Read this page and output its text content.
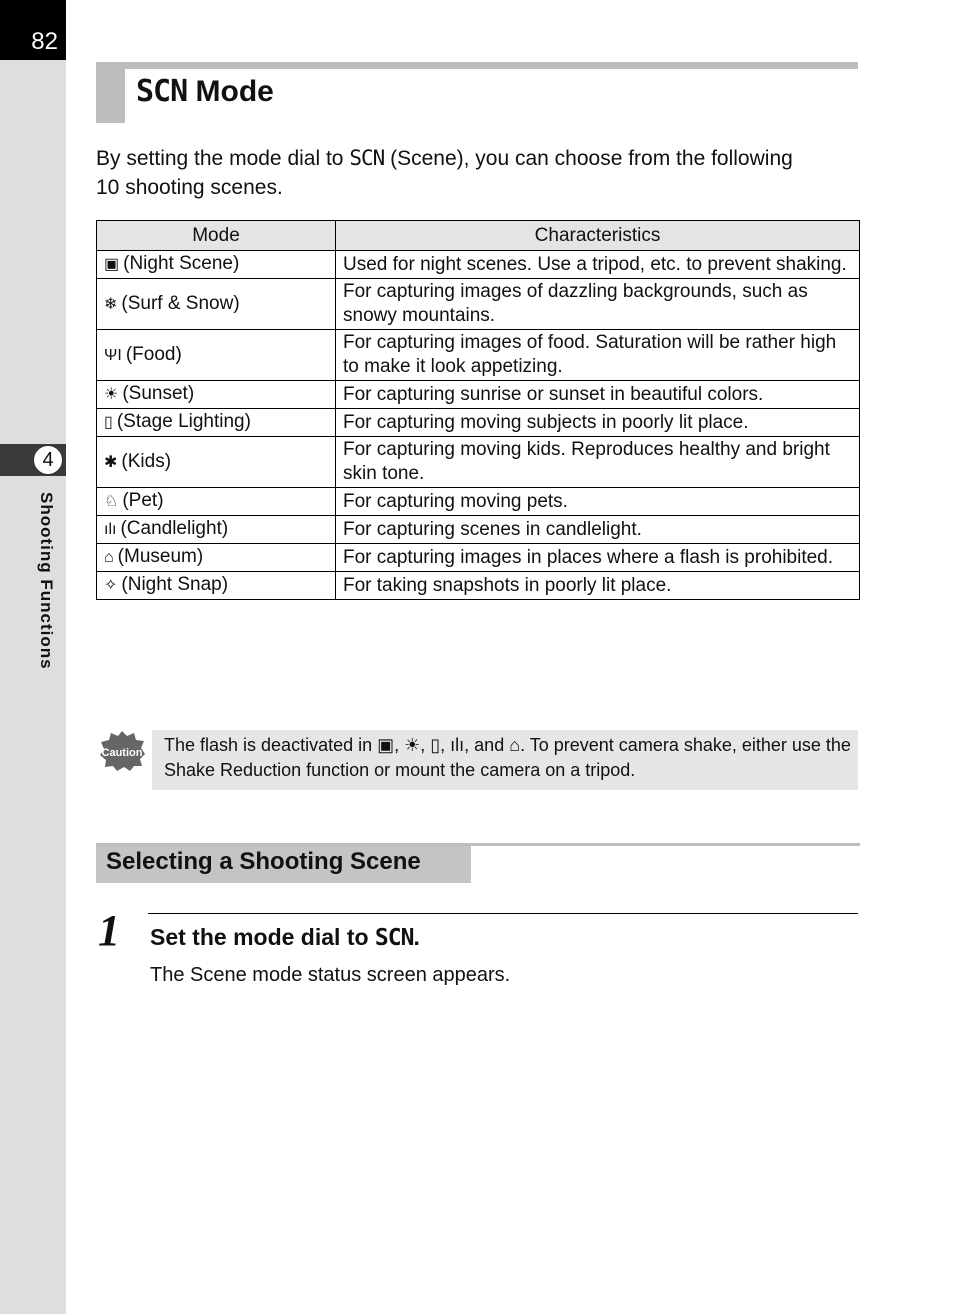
82
4
Shooting Functions
SCN Mode

By setting the mode dial to SCN (Scene), you can choose from the following 10 shooting scenes.

Mode	Characteristics
▣ (Night Scene)	Used for night scenes. Use a tripod, etc. to prevent shaking.
❄ (Surf & Snow)	For capturing images of dazzling backgrounds, such as snowy mountains.
ΨI (Food)	For capturing images of food. Saturation will be rather high to make it look appetizing.
☀ (Sunset)	For capturing sunrise or sunset in beautiful colors.
▯ (Stage Lighting)	For capturing moving subjects in poorly lit place.
✱ (Kids)	For capturing moving kids. Reproduces healthy and bright skin tone.
♘ (Pet)	For capturing moving pets.
ılı (Candlelight)	For capturing scenes in candlelight.
⌂ (Museum)	For capturing images in places where a flash is prohibited.
✧ (Night Snap)	For taking snapshots in poorly lit place.
Caution The flash is deactivated in ▣, ☀, ▯, ılı, and ⌂. To prevent camera shake, either use the Shake Reduction function or mount the camera on a tripod.

Selecting a Shooting Scene
1 Set the mode dial to SCN.

The Scene mode status screen appears.
